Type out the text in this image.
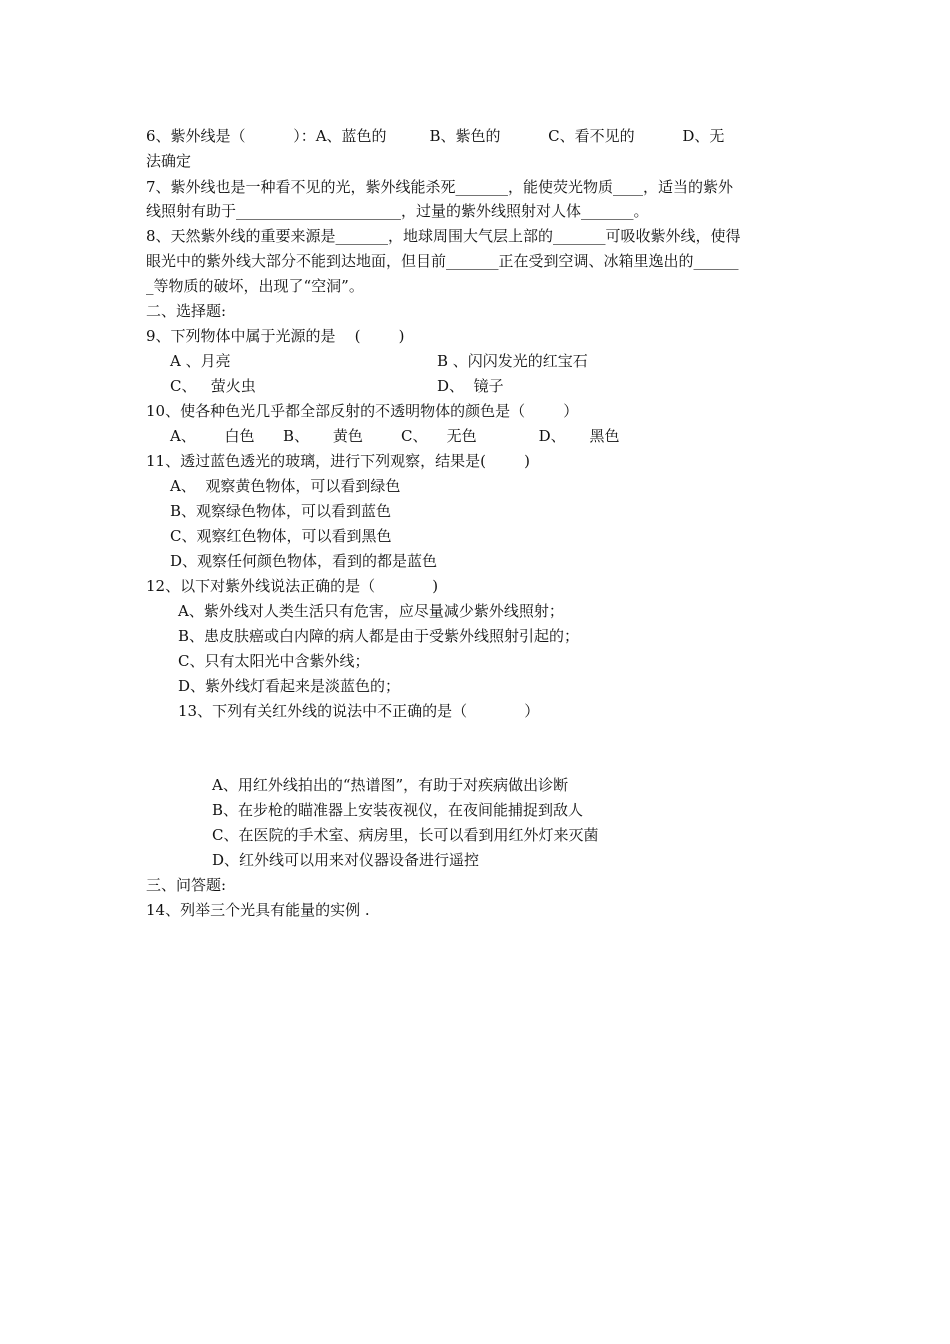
6、紫外线是（          ）：A、蓝色的         B、紫色的          C、看不见的          D、无
法确定
7、紫外线也是一种看不见的光，紫外线能杀死_______，能使荧光物质____，适当的紫外
线照射有助于______________________，过量的紫外线照射对人体_______。
8、天然紫外线的重要来源是_______，地球周围大气层上部的_______可吸收紫外线，使得
眼光中的紫外线大部分不能到达地面，但目前_______正在受到空调、冰箱里逸出的______
_等物质的破坏，出现了“空洞”。
二、选择题:
9、下列物体中属于光源的是    (        )
A 、月亮	B 、闪闪发光的红宝石
C、   萤火虫	D、  镜子
10、使各种色光几乎都全部反射的不透明物体的颜色是（        ）
A、      白色      B、     黄色        C、    无色             D、     黑色
11、透过蓝色透光的玻璃，进行下列观察，结果是(        )
A、  观察黄色物体，可以看到绿色
B、观察绿色物体，可以看到蓝色
C、观察红色物体，可以看到黑色
D、观察任何颜色物体，看到的都是蓝色
12、以下对紫外线说法正确的是（            )
A、紫外线对人类生活只有危害，应尽量减少紫外线照射；
B、患皮肤癌或白内障的病人都是由于受紫外线照射引起的；
C、只有太阳光中含紫外线；
D、紫外线灯看起来是淡蓝色的；
13、下列有关红外线的说法中不正确的是（            ）
A、用红外线拍出的“热谱图”，有助于对疾病做出诊断
B、在步枪的瞄准器上安装夜视仪，在夜间能捕捉到敌人
C、在医院的手术室、病房里，长可以看到用红外灯来灭菌
D、红外线可以用来对仪器设备进行遥控
三、问答题:
14、列举三个光具有能量的实例 .
